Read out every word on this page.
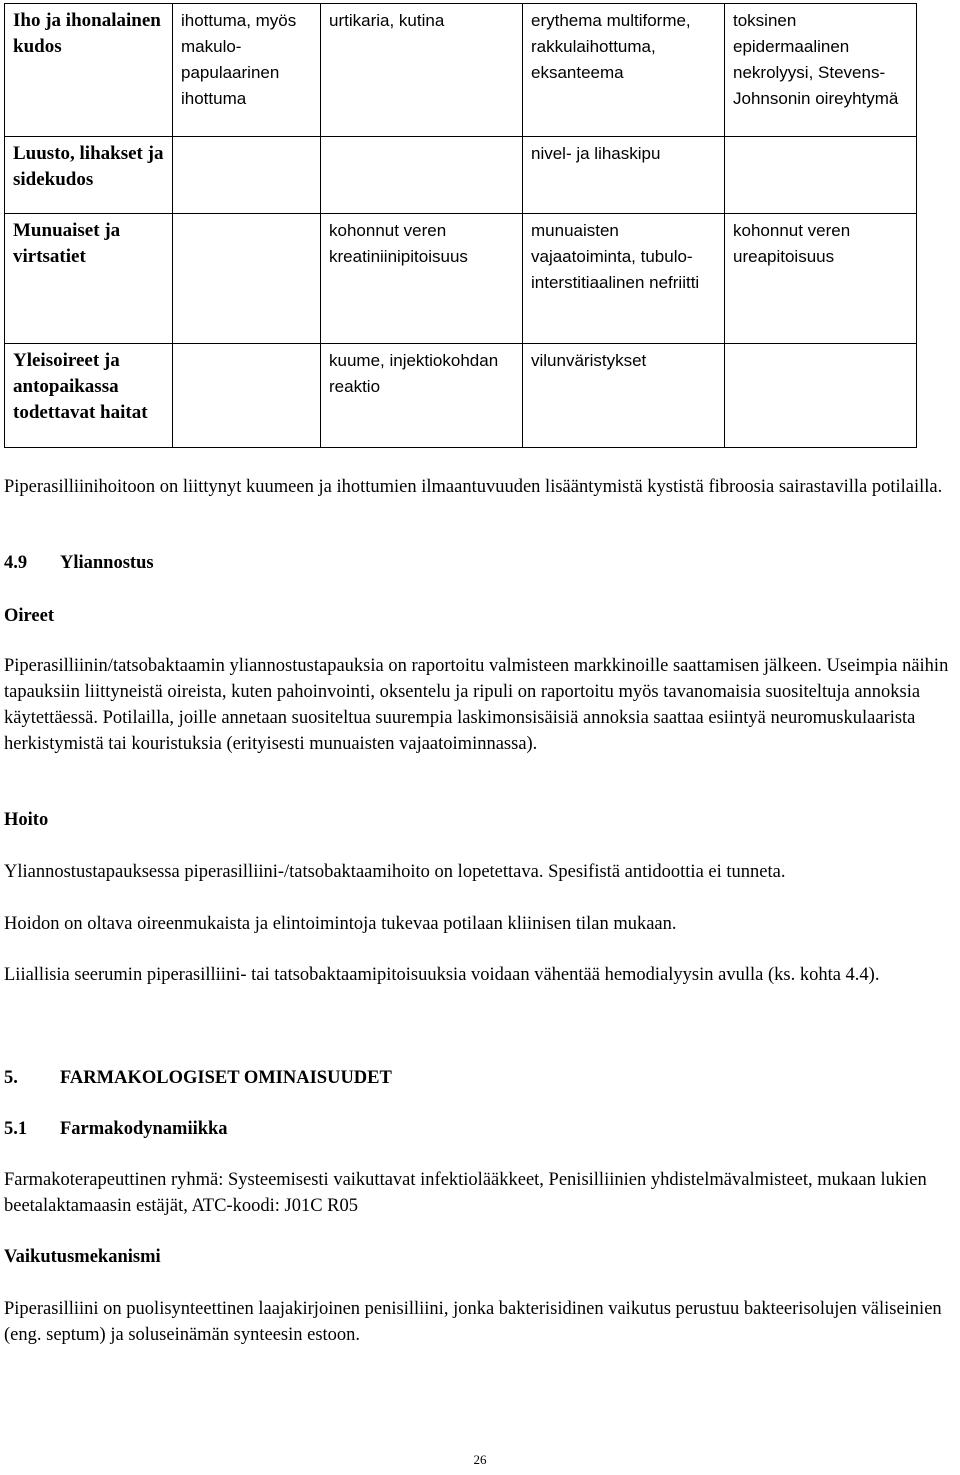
Iho ja ihonalainen kudos	ihottuma, myös makulo-papulaarinen ihottuma	urtikaria, kutina	erythema multiforme, rakkulaihottuma, eksanteema	toksinen epidermaalinen nekrolyysi, Stevens-Johnsonin oireyhtymä
Luusto, lihakset ja sidekudos			nivel- ja lihaskipu	
Munuaiset ja virtsatiet		kohonnut veren kreatiniinipitoisuus	munuaisten vajaatoiminta, tubulo-interstitiaalinen nefriitti	kohonnut veren ureapitoisuus
Yleisoireet ja antopaikassa todettavat haitat		kuume, injektiokohdan reaktio	vilunväristykset	

Piperasilliinihoitoon on liittynyt kuumeen ja ihottumien ilmaantuvuuden lisääntymistä kystistä fibroosia sairastavilla potilailla.

4.9 Yliannostus
Oireet

Piperasilliinin/tatsobaktaamin yliannostustapauksia on raportoitu valmisteen markkinoille saattamisen jälkeen. Useimpia näihin tapauksiin liittyneistä oireista, kuten pahoinvointi, oksentelu ja ripuli on raportoitu myös tavanomaisia suositeltuja annoksia käytettäessä. Potilailla, joille annetaan suositeltua suurempia laskimonsisäisiä annoksia saattaa esiintyä neuromuskulaarista herkistymistä tai kouristuksia (erityisesti munuaisten vajaatoiminnassa).

Hoito
Yliannostustapauksessa piperasilliini-/tatsobaktaamihoito on lopetettava. Spesifistä antidoottia ei tunneta.
Hoidon on oltava oireenmukaista ja elintoimintoja tukevaa potilaan kliinisen tilan mukaan.
Liiallisia seerumin piperasilliini- tai tatsobaktaamipitoisuuksia voidaan vähentää hemodialyysin avulla (ks. kohta 4.4).
5. FARMAKOLOGISET OMINAISUUDET
5.1 Farmakodynamiikka
Farmakoterapeuttinen ryhmä: Systeemisesti vaikuttavat infektiolääkkeet, Penisilliinien yhdistelmävalmisteet, mukaan lukien beetalaktamaasin estäjät, ATC-koodi: J01C R05
Vaikutusmekanismi
Piperasilliini on puolisynteettinen laajakirjoinen penisilliini, jonka bakterisidinen vaikutus perustuu bakteerisolujen väliseinien (eng. septum) ja soluseinämän synteesin estoon.
26
